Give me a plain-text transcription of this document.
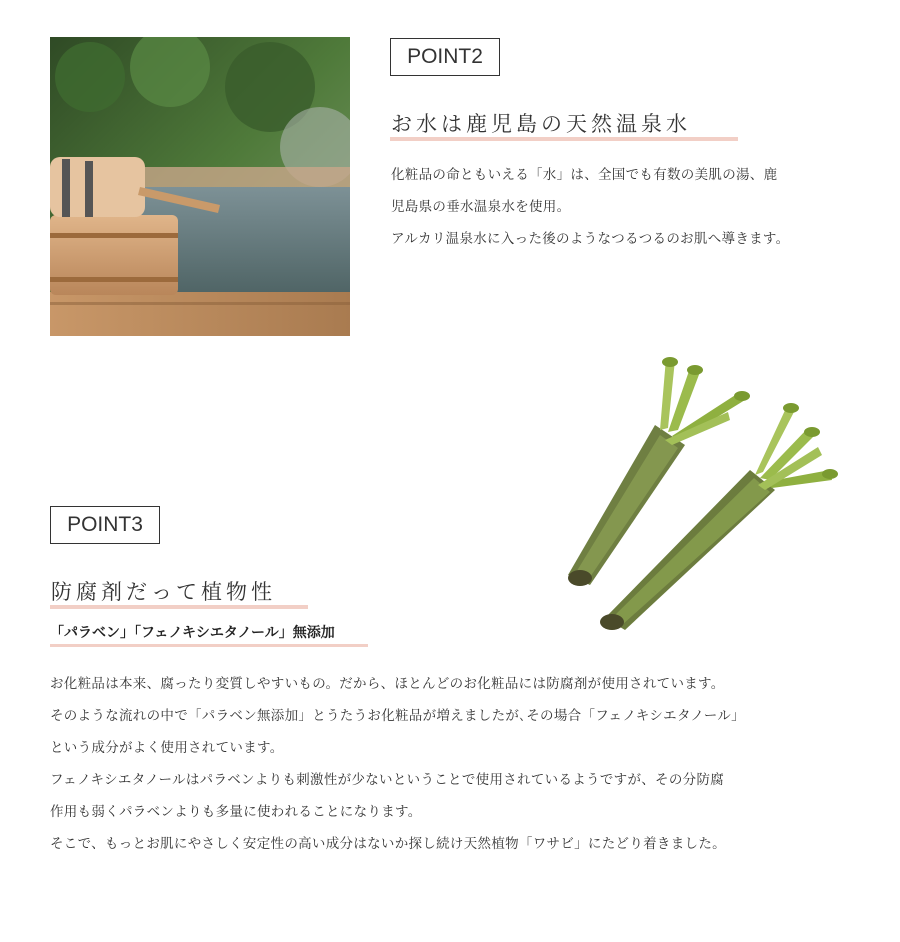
POINT2
お水は鹿児島の天然温泉水

化粧品の命ともいえる「水」は、全国でも有数の美肌の湯、鹿

児島県の垂水温泉水を使用。

アルカリ温泉水に入った後のようなつるつるのお肌へ導きます。

POINT3
防腐剤だって植物性
「パラベン」「フェノキシエタノール」無添加

お化粧品は本来、腐ったり変質しやすいもの。だから、ほとんどのお化粧品には防腐剤が使用されています。

そのような流れの中で「パラベン無添加」とうたうお化粧品が増えましたが､その場合「フェノキシエタノール」

という成分がよく使用されています。

フェノキシエタノールはパラベンよりも刺激性が少ないということで使用されているようですが、その分防腐

作用も弱くパラベンよりも多量に使われることになります。

そこで、もっとお肌にやさしく安定性の高い成分はないか探し続け天然植物「ワサビ」にたどり着きました。
